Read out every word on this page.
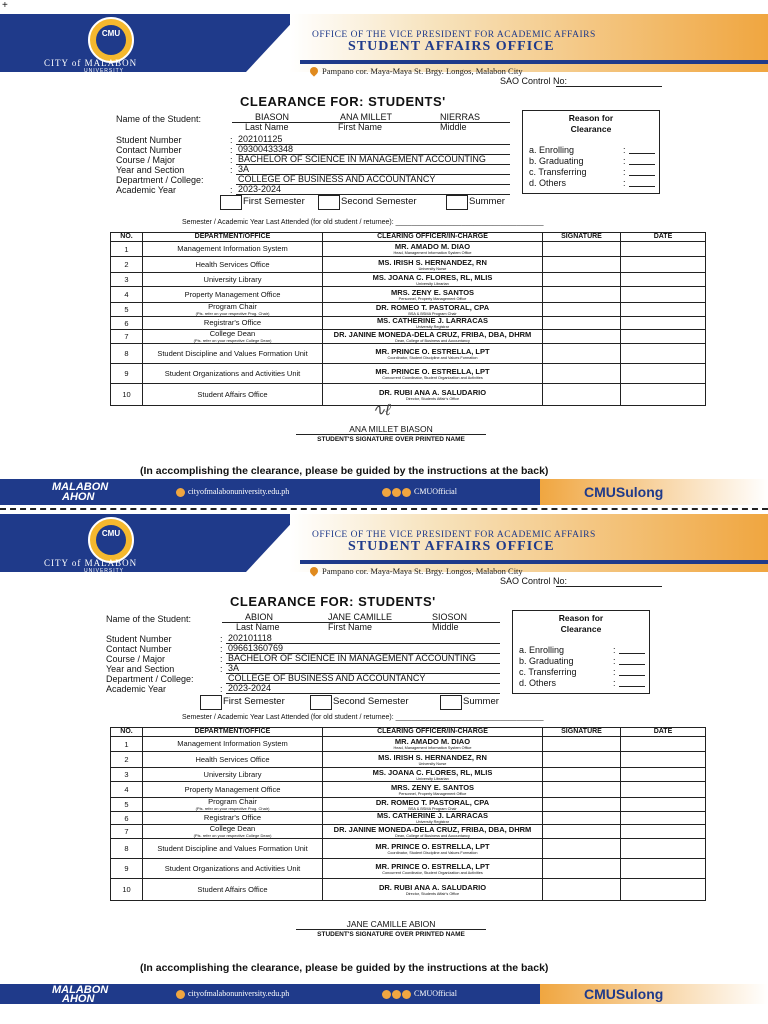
+
CMU
CITY of MALABON
UNIVERSITY
OFFICE OF THE VICE PRESIDENT FOR ACADEMIC AFFAIRS
STUDENT AFFAIRS OFFICE
Pampano cor. Maya-Maya St. Brgy. Longos, Malabon City
SAO Control No:
CLEARANCE FOR: STUDENTS'
Name of the Student:	BIASON	ANA MILLET	NIERRAS
Last Name	First Name	Middle
Student Number	: 202101125
Contact Number	: 09300433348
Course / Major	: BACHELOR OF SCIENCE IN MANAGEMENT ACCOUNTING
Year and Section	: 3A
Department / College:	COLLEGE OF BUSINESS AND ACCOUNTANCY
Academic Year	: 2023-2024
Reason for
Clearance
a. Enrolling	:
b. Graduating	:
c. Transferring	:
d. Others	:
First Semester	Second Semester	Summer
Semester / Academic Year Last Attended (for old student / returnee): ______________________________________
NO.	DEPARTMENT/OFFICE	CLEARING OFFICER/IN-CHARGE	SIGNATURE	DATE
1	Management Information System	MR. AMADO M. DIAO
Head, Management Information System Office		

2	Health Services Office	MS. IRISH S. HERNANDEZ, RN
University Nurse		

3	University Library	MS. JOANA C. FLORES, RL, MLIS
University Librarian		

4	Property Management Office	MRS. ZENY E. SANTOS
Personnel, Property Management Office		

5	Program Chair
(Pls. refer on your respective Prog. Chair)	DR. ROMEO T. PASTORAL, CPA
BSA & BSMA Program Chair		

6	Registrar's Office	MS. CATHERINE J. LARRACAS
University Registrar		

7	College Dean
(Pls. refer on your respective College Dean)	DR. JANINE MONEDA-DELA CRUZ, FRIBA, DBA, DHRM
Dean, College of Business and Accountancy		

8	Student Discipline and Values Formation Unit	MR. PRINCE O. ESTRELLA, LPT
Coordinator, Student Discipline and Values Formation		

9	Student Organizations and Activities Unit	MR. PRINCE O. ESTRELLA, LPT
Concurrent Coordinator, Student Organization and Activities		

10	Student Affairs Office	DR. RUBI ANA A. SALUDARIO
Director, Students Affair's Office		

∿ℓ
ANA MILLET BIASON
STUDENT'S SIGNATURE OVER PRINTED NAME
(In accomplishing the clearance, please be guided by the instructions at the back)
MALABON
AHON	cityofmalabonuniversity.edu.ph	CMUOfficial	CMUSulong
CMU
CITY of MALABON
UNIVERSITY
OFFICE OF THE VICE PRESIDENT FOR ACADEMIC AFFAIRS
STUDENT AFFAIRS OFFICE
Pampano cor. Maya-Maya St. Brgy. Longos, Malabon City
SAO Control No:
CLEARANCE FOR: STUDENTS'
Name of the Student:	ABION	JANE CAMILLE	SIOSON
Last Name	First Name	Middle
Student Number	: 202101118
Contact Number	: 09661360769
Course / Major	: BACHELOR OF SCIENCE IN MANAGEMENT ACCOUNTING
Year and Section	: 3A
Department / College:	COLLEGE OF BUSINESS AND ACCOUNTANCY
Academic Year	: 2023-2024
Reason for
Clearance
a. Enrolling	:
b. Graduating	:
c. Transferring	:
d. Others	:
First Semester	Second Semester	Summer
Semester / Academic Year Last Attended (for old student / returnee): ______________________________________
NO.	DEPARTMENT/OFFICE	CLEARING OFFICER/IN-CHARGE	SIGNATURE	DATE
1	Management Information System	MR. AMADO M. DIAO
Head, Management Information System Office		

2	Health Services Office	MS. IRISH S. HERNANDEZ, RN
University Nurse		

3	University Library	MS. JOANA C. FLORES, RL, MLIS
University Librarian		

4	Property Management Office	MRS. ZENY E. SANTOS
Personnel, Property Management Office		

5	Program Chair
(Pls. refer on your respective Prog. Chair)	DR. ROMEO T. PASTORAL, CPA
BSA & BSMA Program Chair		

6	Registrar's Office	MS. CATHERINE J. LARRACAS
University Registrar		

7	College Dean
(Pls. refer on your respective College Dean)	DR. JANINE MONEDA-DELA CRUZ, FRIBA, DBA, DHRM
Dean, College of Business and Accountancy		

8	Student Discipline and Values Formation Unit	MR. PRINCE O. ESTRELLA, LPT
Coordinator, Student Discipline and Values Formation		

9	Student Organizations and Activities Unit	MR. PRINCE O. ESTRELLA, LPT
Concurrent Coordinator, Student Organization and Activities		

10	Student Affairs Office	DR. RUBI ANA A. SALUDARIO
Director, Students Affair's Office		

JANE CAMILLE ABION
STUDENT'S SIGNATURE OVER PRINTED NAME
(In accomplishing the clearance, please be guided by the instructions at the back)
MALABON
AHON	cityofmalabonuniversity.edu.ph	CMUOfficial	CMUSulong
